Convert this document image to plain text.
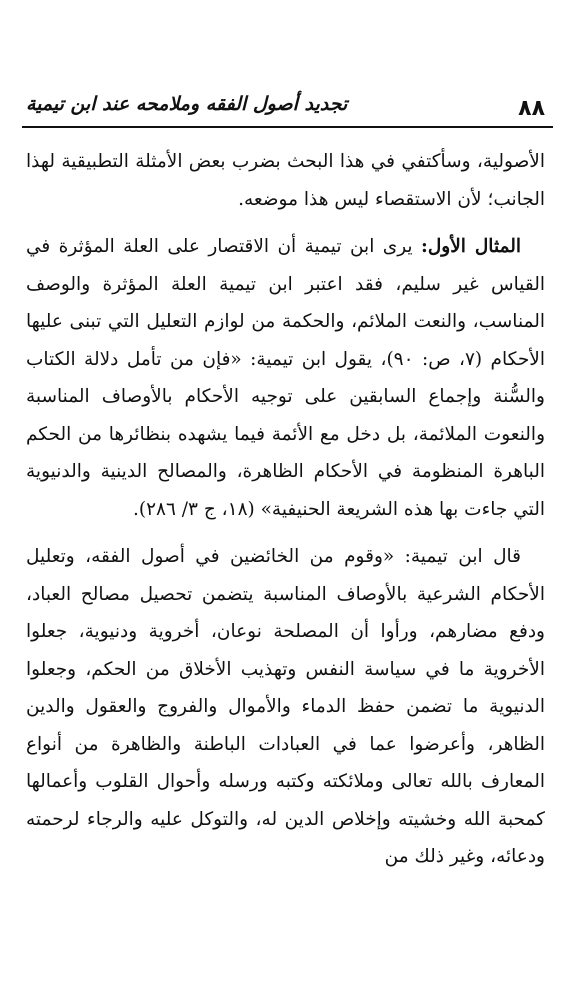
٨٨
تجديد أصول الفقه وملامحه عند ابن تيمية

الأصولية، وسأكتفي في هذا البحث بضرب بعض الأمثلة التطبيقية لهذا الجانب؛ لأن الاستقصاء ليس هذا موضعه.

المثال الأول: يرى ابن تيمية أن الاقتصار على العلة المؤثرة في القياس غير سليم، فقد اعتبر ابن تيمية العلة المؤثرة والوصف المناسب، والنعت الملائم، والحكمة من لوازم التعليل التي تبنى عليها الأحكام (٧، ص: ٩٠)، يقول ابن تيمية: «فإن من تأمل دلالة الكتاب والسُّنة وإجماع السابقين على توجيه الأحكام بالأوصاف المناسبة والنعوت الملائمة، بل دخل مع الأئمة فيما يشهده بنظائرها من الحكم الباهرة المنظومة في الأحكام الظاهرة، والمصالح الدينية والدنيوية التي جاءت بها هذه الشريعة الحنيفية» (١٨، ج ٣/ ٢٨٦).

قال ابن تيمية: «وقوم من الخائضين في أصول الفقه، وتعليل الأحكام الشرعية بالأوصاف المناسبة يتضمن تحصيل مصالح العباد، ودفع مضارهم، ورأوا أن المصلحة نوعان، أخروية ودنيوية، جعلوا الأخروية ما في سياسة النفس وتهذيب الأخلاق من الحكم، وجعلوا الدنيوية ما تضمن حفظ الدماء والأموال والفروج والعقول والدين الظاهر، وأعرضوا عما في العبادات الباطنة والظاهرة من أنواع المعارف بالله تعالى وملائكته وكتبه ورسله وأحوال القلوب وأعمالها كمحبة الله وخشيته وإخلاص الدين له، والتوكل عليه والرجاء لرحمته ودعائه، وغير ذلك من
